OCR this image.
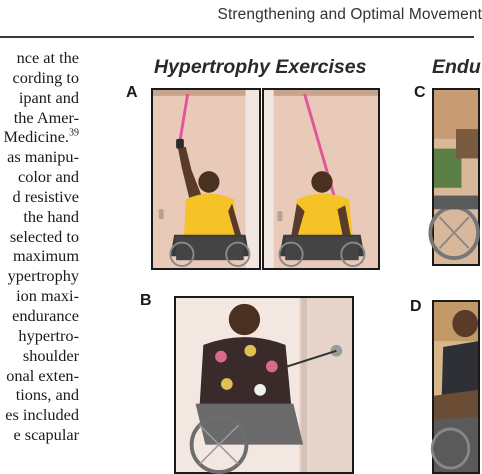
Strengthening and Optimal Movement
nce at the
cording to
ipant and
the Amer-
Medicine.$^{39}$
as manipu-
color and
d resistive
the hand
selected to
maximum
ypertrophy
ion maxi-
endurance
hypertro-
shoulder
onal exten-
tions, and
es included
e scapular
Hypertrophy Exercises	Endu
A	C
B	D
